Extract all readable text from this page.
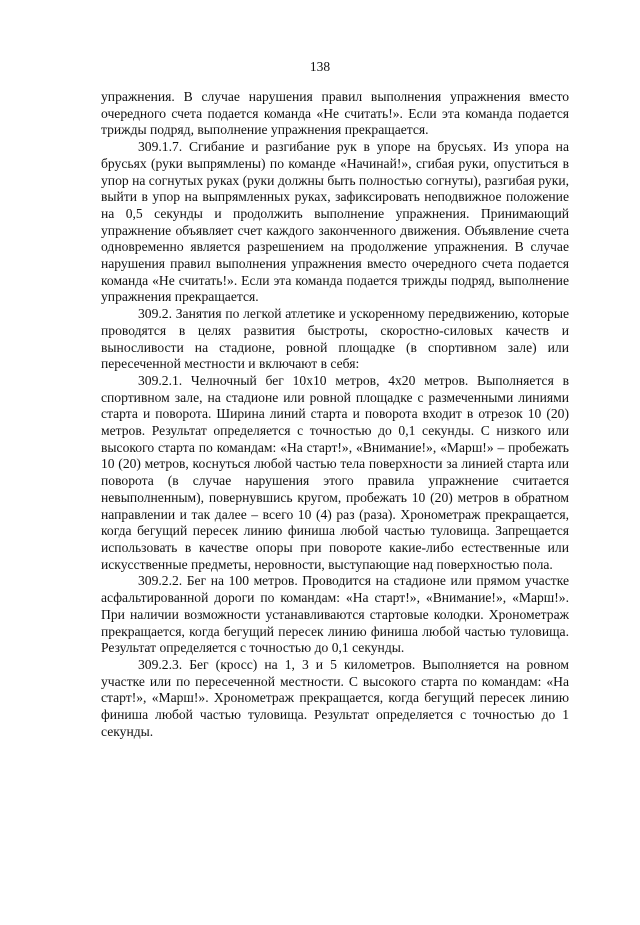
138

упражнения. В случае нарушения правил выполнения упражнения вместо очередного счета подается команда «Не считать!». Если эта команда подается трижды подряд, выполнение упражнения прекращается.

309.1.7. Сгибание и разгибание рук в упоре на брусьях. Из упора на брусьях (руки выпрямлены) по команде «Начинай!», сгибая руки, опуститься в упор на согнутых руках (руки должны быть полностью согнуты), разгибая руки, выйти в упор на выпрямленных руках, зафиксировать неподвижное положение на 0,5 секунды и продолжить выполнение упражнения. Принимающий упражнение объявляет счет каждого законченного движения. Объявление счета одновременно является разрешением на продолжение упражнения. В случае нарушения правил выполнения упражнения вместо очередного счета подается команда «Не считать!». Если эта команда подается трижды подряд, выполнение упражнения прекращается.

309.2. Занятия по легкой атлетике и ускоренному передвижению, которые проводятся в целях развития быстроты, скоростно-силовых качеств и выносливости на стадионе, ровной площадке (в спортивном зале) или пересеченной местности и включают в себя:

309.2.1. Челночный бег 10х10 метров, 4х20 метров. Выполняется в спортивном зале, на стадионе или ровной площадке с размеченными линиями старта и поворота. Ширина линий старта и поворота входит в отрезок 10 (20) метров. Результат определяется с точностью до 0,1 секунды. С низкого или высокого старта по командам: «На старт!», «Внимание!», «Марш!» – пробежать 10 (20) метров, коснуться любой частью тела поверхности за линией старта или поворота (в случае нарушения этого правила упражнение считается невыполненным), повернувшись кругом, пробежать 10 (20) метров в обратном направлении и так далее – всего 10 (4) раз (раза). Хронометраж прекращается, когда бегущий пересек линию финиша любой частью туловища. Запрещается использовать в качестве опоры при повороте какие-либо естественные или искусственные предметы, неровности, выступающие над поверхностью пола.

309.2.2. Бег на 100 метров. Проводится на стадионе или прямом участке асфальтированной дороги по командам: «На старт!», «Внимание!», «Марш!». При наличии возможности устанавливаются стартовые колодки. Хронометраж прекращается, когда бегущий пересек линию финиша любой частью туловища. Результат определяется с точностью до 0,1 секунды.

309.2.3. Бег (кросс) на 1, 3 и 5 километров. Выполняется на ровном участке или по пересеченной местности. С высокого старта по командам: «На старт!», «Марш!». Хронометраж прекращается, когда бегущий пересек линию финиша любой частью туловища. Результат определяется с точностью до 1 секунды.
